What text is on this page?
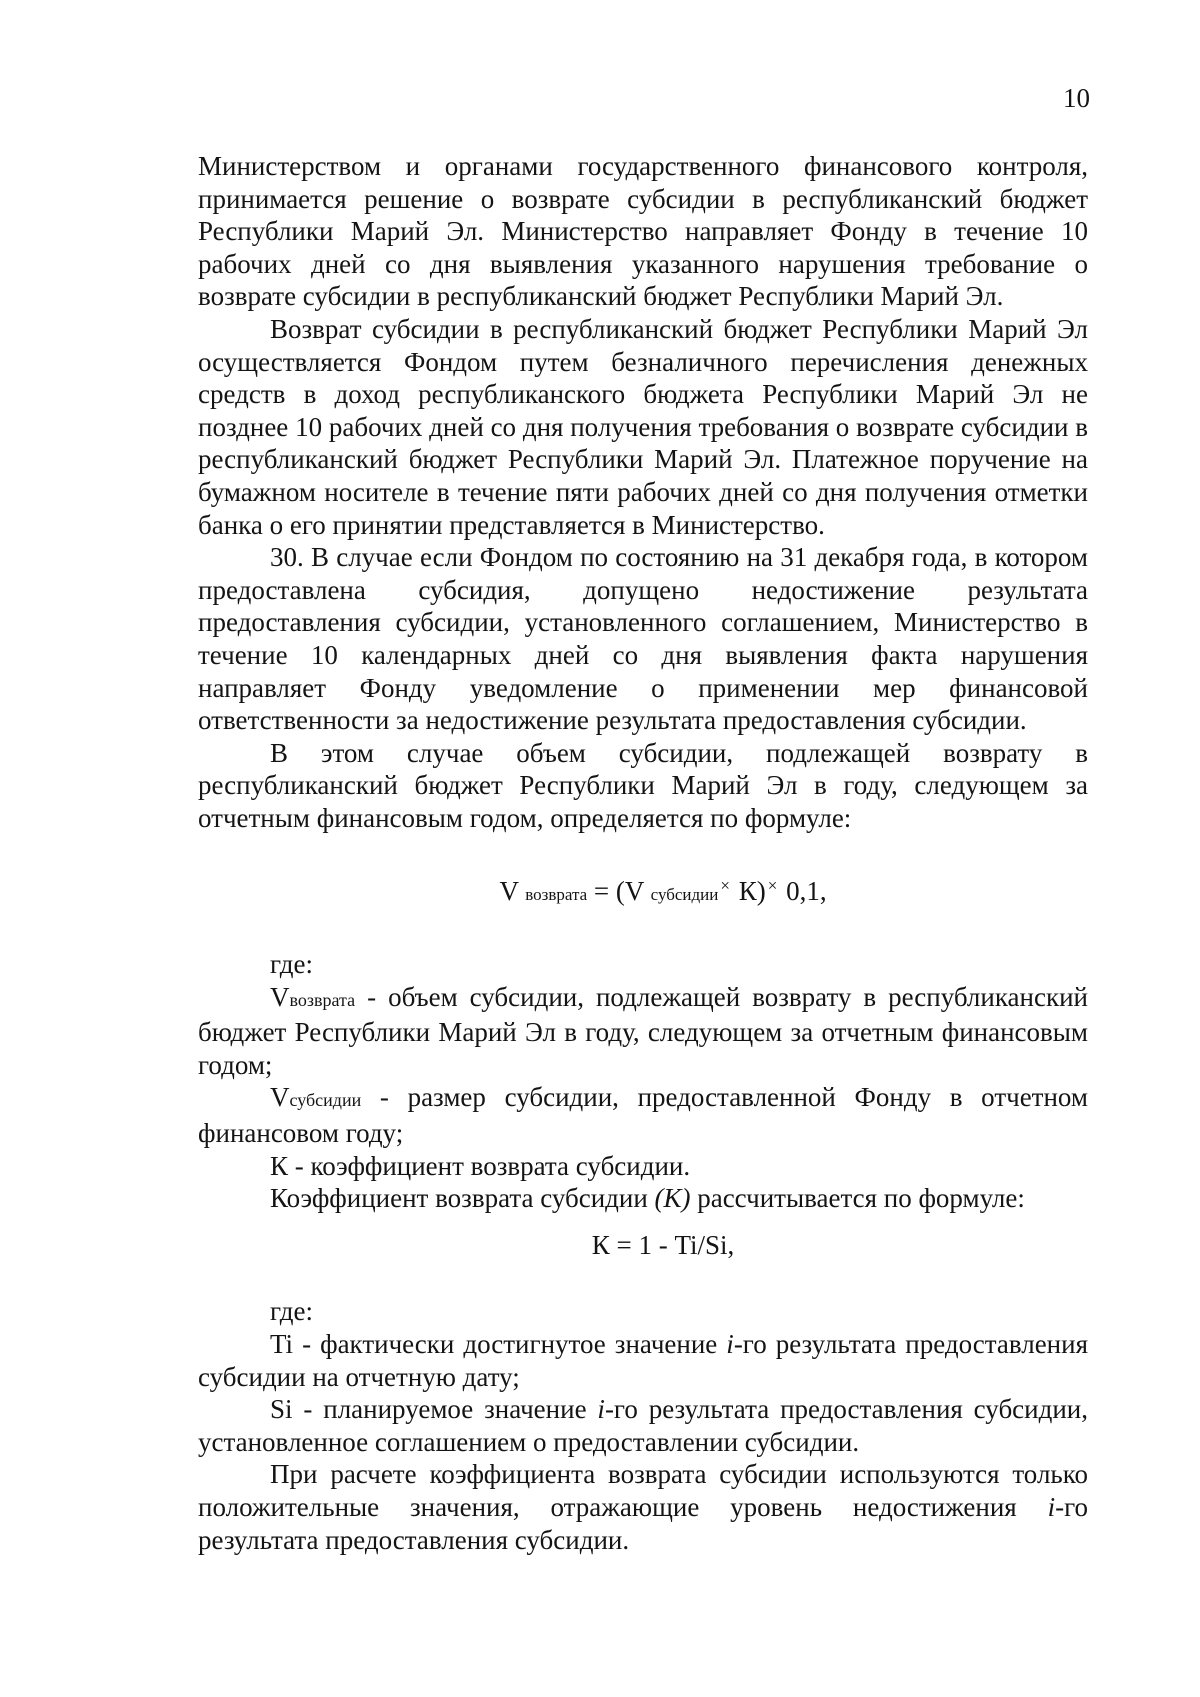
10

Министерством и органами государственного финансового контроля, принимается решение о возврате субсидии в республиканский бюджет Республики Марий Эл. Министерство направляет Фонду в течение 10 рабочих дней со дня выявления указанного нарушения требование о возврате субсидии в республиканский бюджет Республики Марий Эл.

Возврат субсидии в республиканский бюджет Республики Марий Эл осуществляется Фондом путем безналичного перечисления денежных средств в доход республиканского бюджета Республики Марий Эл не позднее 10 рабочих дней со дня получения требования о возврате субсидии в республиканский бюджет Республики Марий Эл. Платежное поручение на бумажном носителе в течение пяти рабочих дней со дня получения отметки банка о его принятии представляется в Министерство.

30. В случае если Фондом по состоянию на 31 декабря года, в котором предоставлена субсидия, допущено недостижение результата предоставления субсидии, установленного соглашением, Министерство в течение 10 календарных дней со дня выявления факта нарушения направляет Фонду уведомление о применении мер финансовой ответственности за недостижение результата предоставления субсидии.

В этом случае объем субсидии, подлежащей возврату в республиканский бюджет Республики Марий Эл в году, следующем за отчетным финансовым годом, определяется по формуле:

V возврата = (V субсидии × К) × 0,1,

где:

Vвозврата - объем субсидии, подлежащей возврату в республиканский бюджет Республики Марий Эл в году, следующем за отчетным финансовым годом;

Vсубсидии - размер субсидии, предоставленной Фонду в отчетном финансовом году;

К - коэффициент возврата субсидии.

Коэффициент возврата субсидии (К) рассчитывается по формуле:

К = 1 - Ti/Si,

где:

Ti - фактически достигнутое значение i-го результата предоставления субсидии на отчетную дату;

Si - планируемое значение i-го результата предоставления субсидии, установленное соглашением о предоставлении субсидии.

При расчете коэффициента возврата субсидии используются только положительные значения, отражающие уровень недостижения i-го результата предоставления субсидии.
